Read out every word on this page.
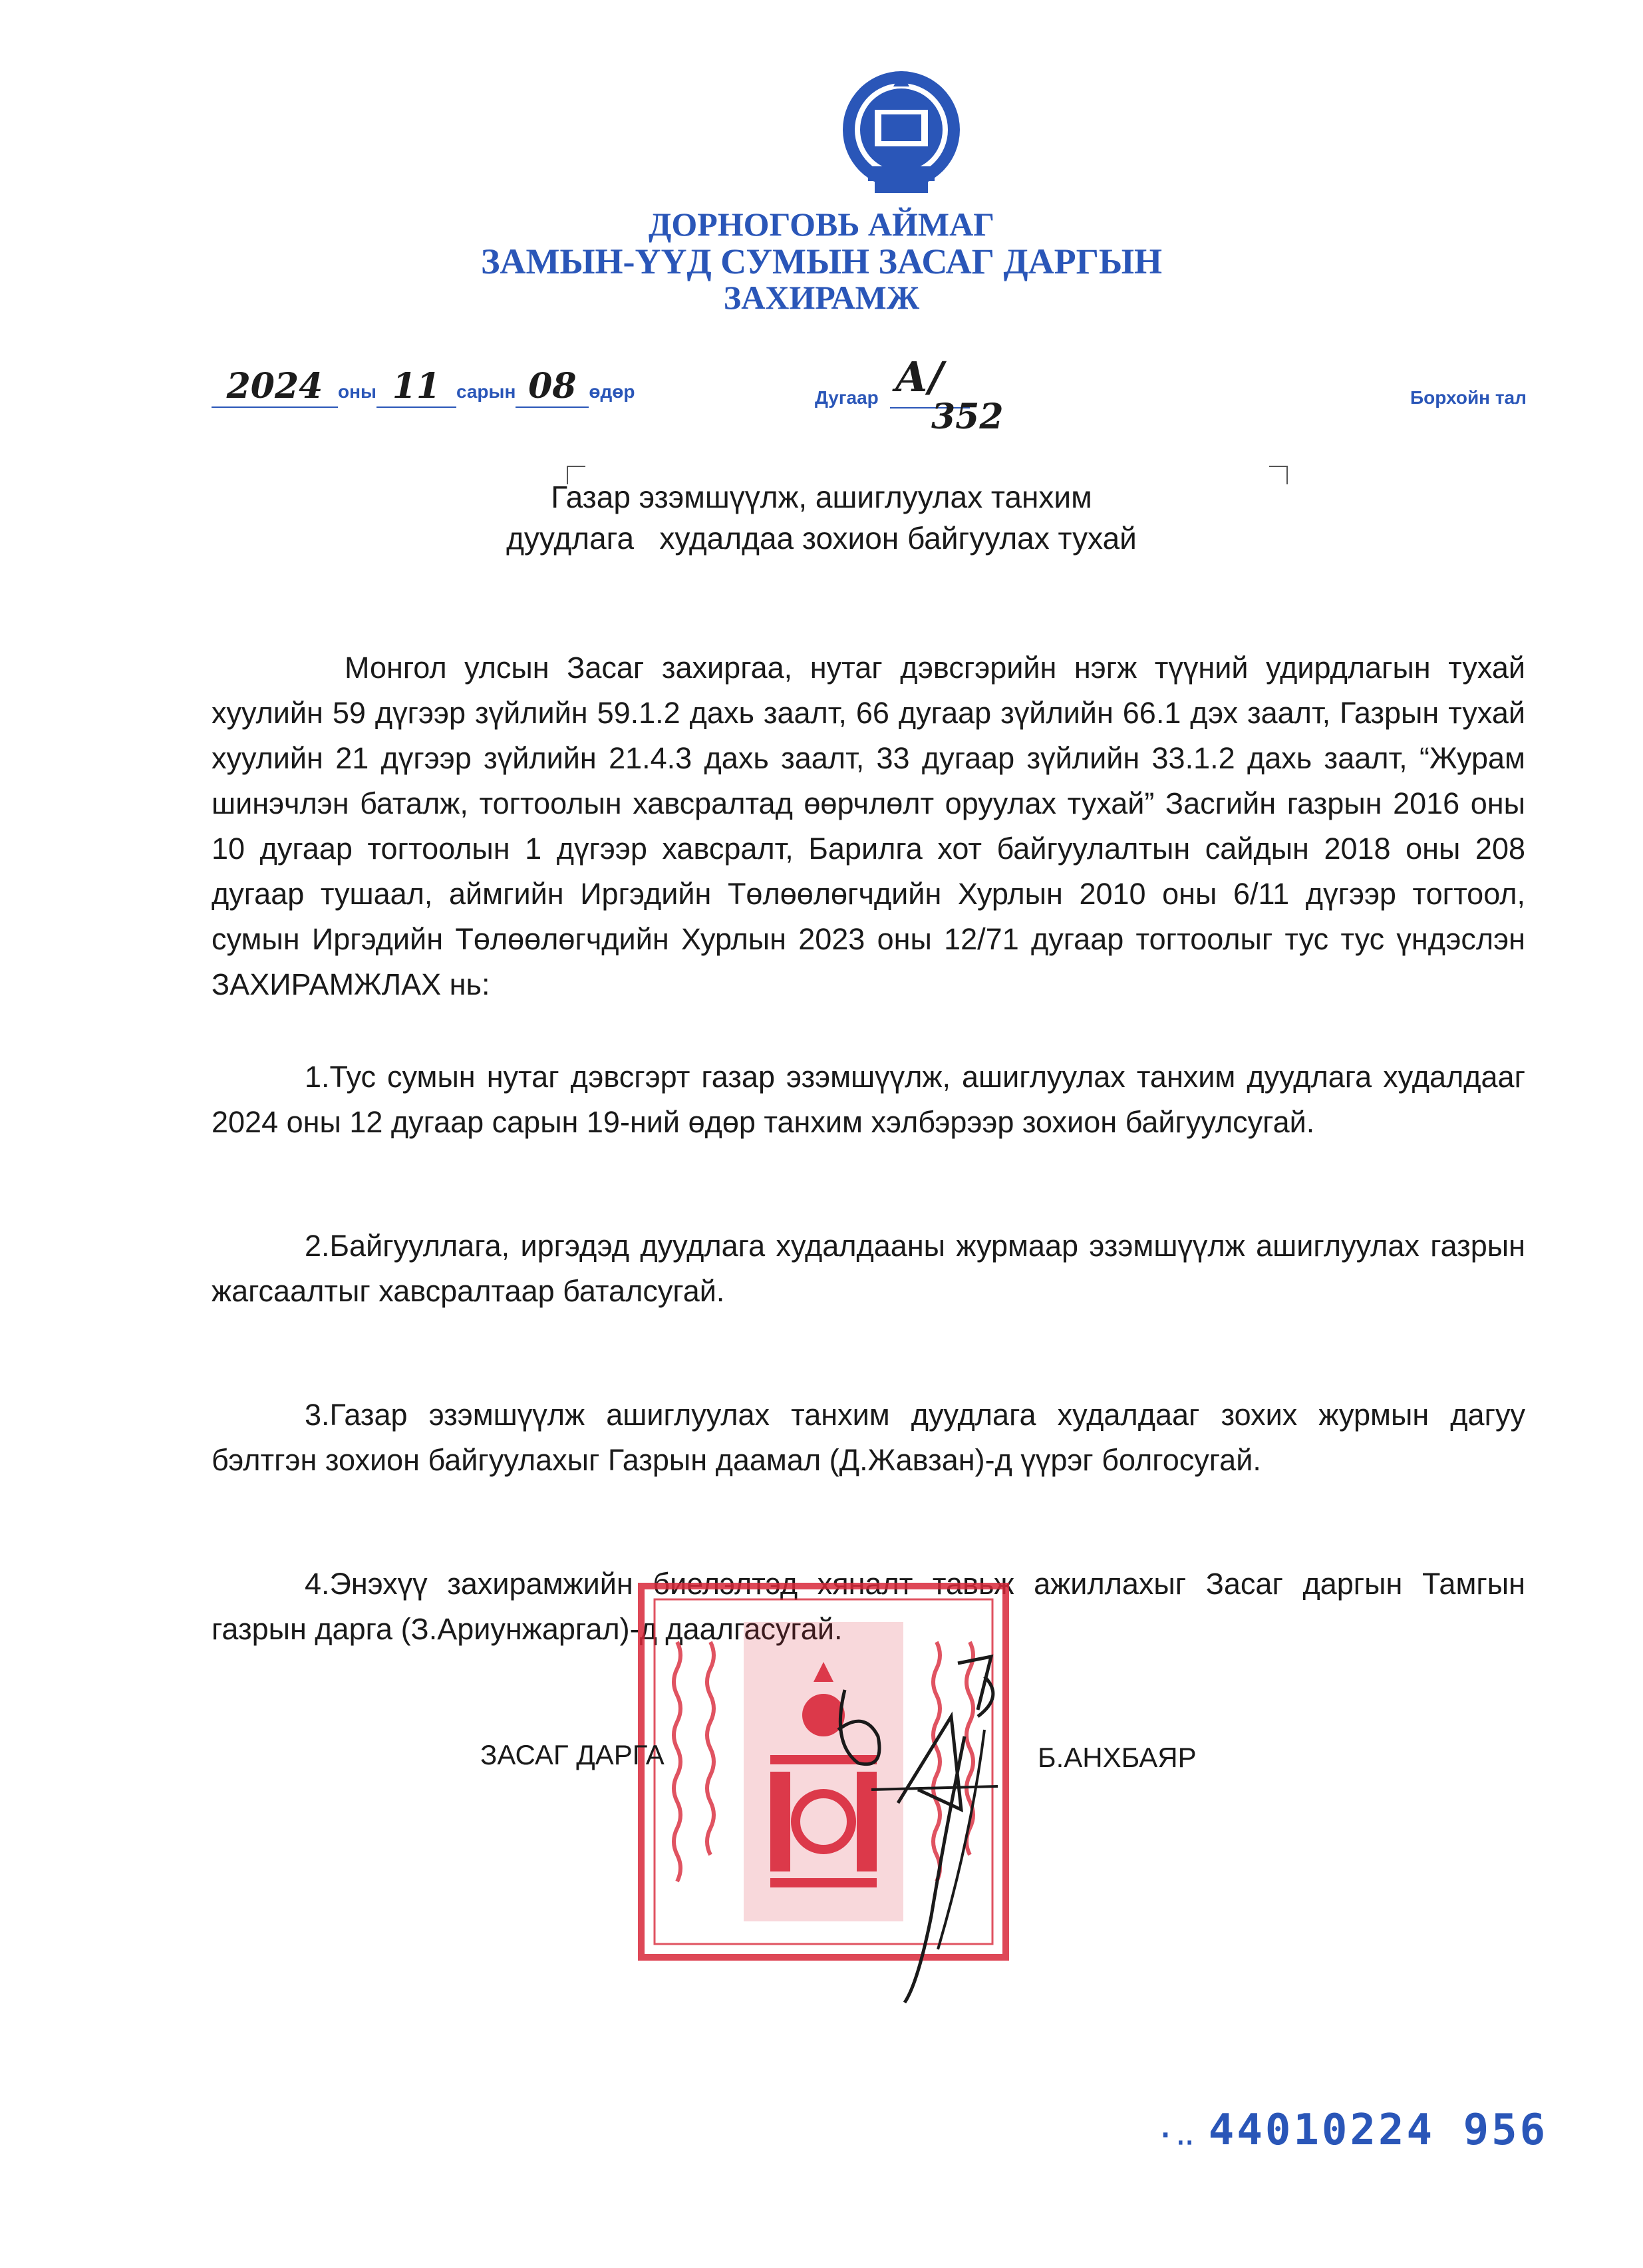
ДОРНОГОВЬ АЙМАГ
ЗАМЫН-ҮҮД СУМЫН ЗАСАГ ДАРГЫН
ЗАХИРАМЖ
2024 оны 11 сарын 08 өдөр	Дугаар А/
352	Борхойн тал
Газар эзэмшүүлж, ашиглуулах танхим
дуудлага   худалдаа зохион байгуулах тухай

Монгол улсын Засаг захиргаа, нутаг дэвсгэрийн нэгж түүний удирдлагын тухай хуулийн 59 дүгээр зүйлийн 59.1.2 дахь заалт, 66 дугаар зүйлийн 66.1 дэх заалт, Газрын тухай хуулийн 21 дүгээр зүйлийн 21.4.3 дахь заалт, 33 дугаар зүйлийн 33.1.2 дахь заалт, “Журам шинэчлэн баталж, тогтоолын хавсралтад өөрчлөлт оруулах тухай” Засгийн газрын 2016 оны 10 дугаар тогтоолын 1 дүгээр хавсралт, Барилга хот байгуулалтын сайдын 2018 оны 208 дугаар тушаал, аймгийн Иргэдийн Төлөөлөгчдийн Хурлын 2010 оны 6/11 дүгээр тогтоол, сумын Иргэдийн Төлөөлөгчдийн Хурлын 2023 оны 12/71 дугаар тогтоолыг тус тус үндэслэн ЗАХИРАМЖЛАХ нь:

1.Тус сумын нутаг дэвсгэрт газар эзэмшүүлж, ашиглуулах танхим дуудлага худалдааг 2024 оны 12 дугаар сарын 19-ний өдөр танхим хэлбэрээр зохион байгуулсугай.

2.Байгууллага, иргэдэд дуудлага худалдааны журмаар эзэмшүүлж ашиглуулах газрын жагсаалтыг хавсралтаар баталсугай.

3.Газар эзэмшүүлж ашиглуулах танхим дуудлага худалдааг зохих журмын дагуу бэлтгэн зохион байгуулахыг Газрын даамал (Д.Жавзан)-д үүрэг болгосугай.

4.Энэхүү захирамжийн биелэлтэд хяналт тавьж ажиллахыг Засаг даргын Тамгын газрын дарга (З.Ариунжаргал)-д даалгасугай.

ЗАСАГ ДАРГА	Б.АНХБАЯР
·‥ 44010224 956
